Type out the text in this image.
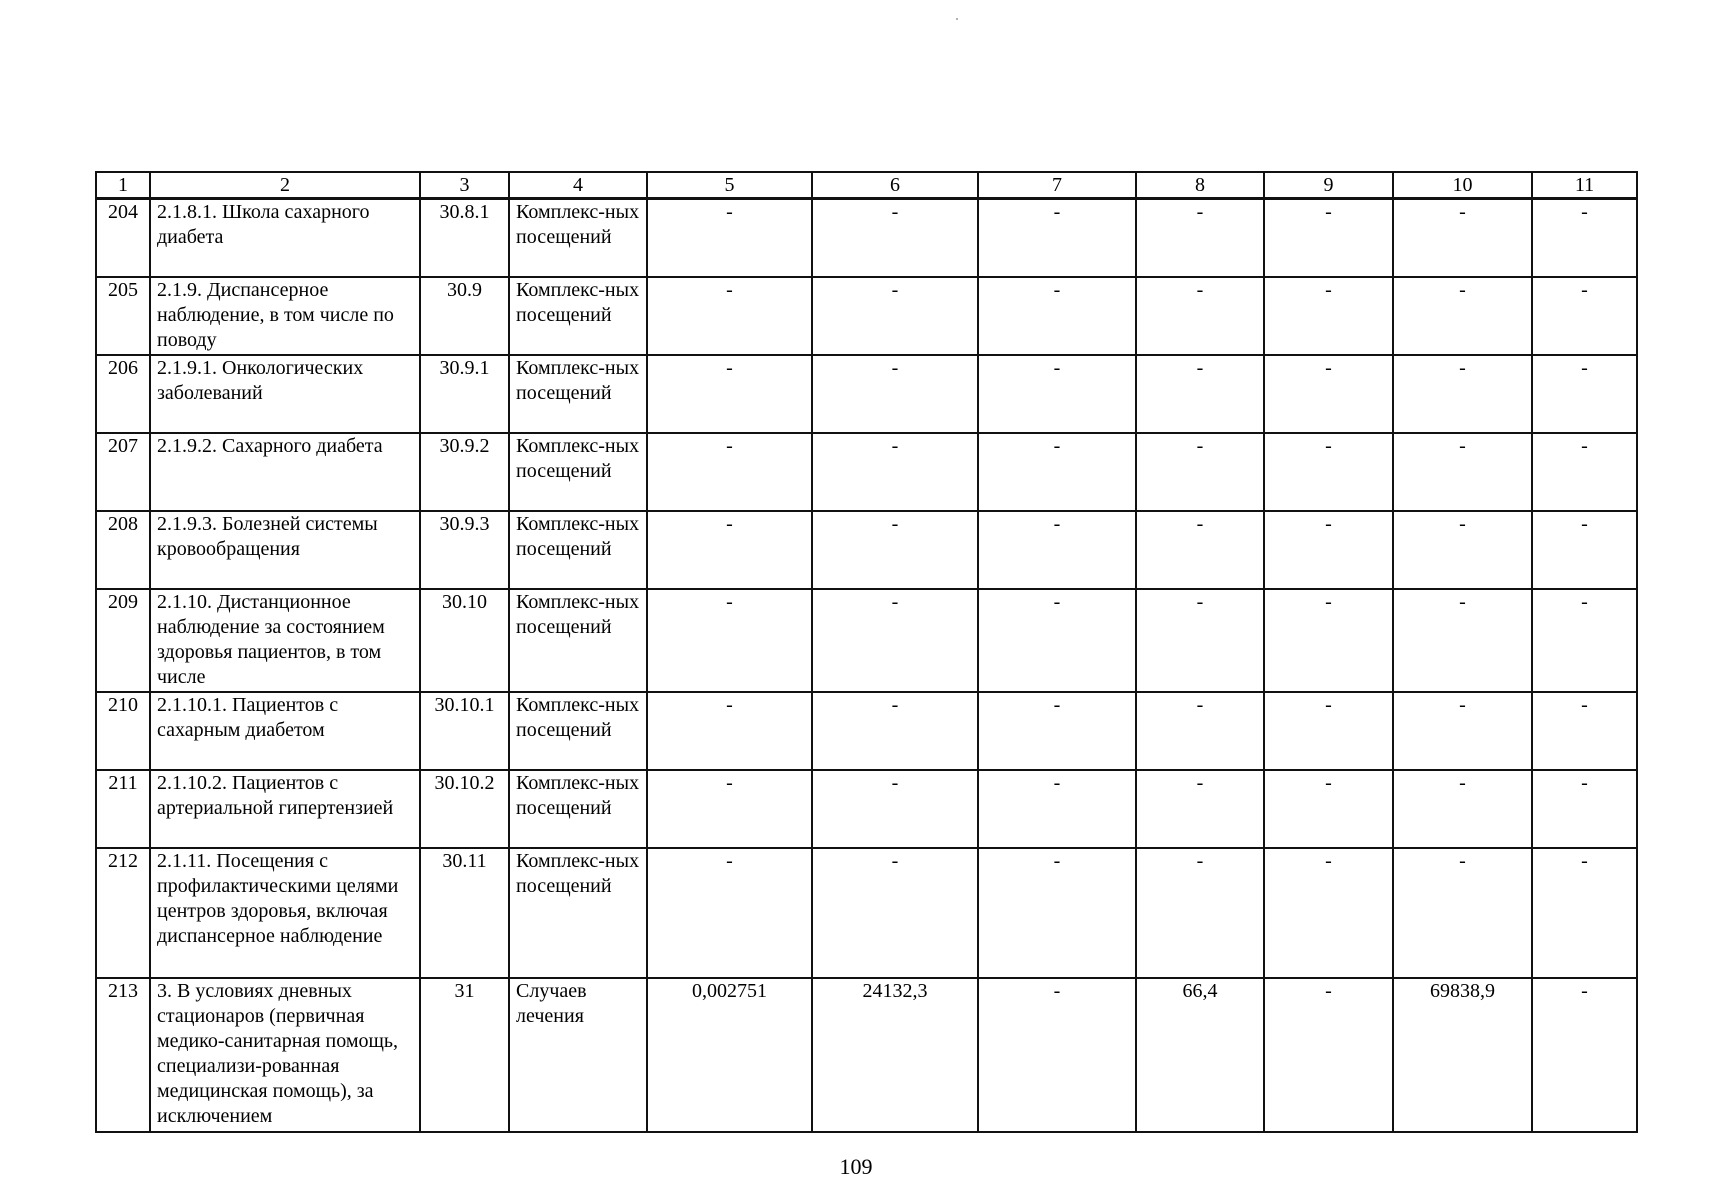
1	2	3	4	5	6	7	8	9	10	11
204	2.1.8.1. Школа сахарного диабета	30.8.1	Комплекс-ных посещений	-	-	-	-	-	-	-
205	2.1.9. Диспансерное наблюдение, в том числе по поводу	30.9	Комплекс-ных посещений	-	-	-	-	-	-	-
206	2.1.9.1. Онкологических заболеваний	30.9.1	Комплекс-ных посещений	-	-	-	-	-	-	-
207	2.1.9.2. Сахарного диабета	30.9.2	Комплекс-ных посещений	-	-	-	-	-	-	-
208	2.1.9.3. Болезней системы кровообращения	30.9.3	Комплекс-ных посещений	-	-	-	-	-	-	-
209	2.1.10. Дистанционное наблюдение за состоянием здоровья пациентов, в том числе	30.10	Комплекс-ных посещений	-	-	-	-	-	-	-
210	2.1.10.1. Пациентов с сахарным диабетом	30.10.1	Комплекс-ных посещений	-	-	-	-	-	-	-
211	2.1.10.2. Пациентов с артериальной гипертензией	30.10.2	Комплекс-ных посещений	-	-	-	-	-	-	-
212	2.1.11. Посещения с профилактическими целями центров здоровья, включая диспансерное наблюдение	30.11	Комплекс-ных посещений	-	-	-	-	-	-	-
213	3. В условиях дневных стационаров (первичная медико-санитарная помощь, специализи-рованная медицинская помощь), за исключением	31	Случаев лечения	0,002751	24132,3	-	66,4	-	69838,9	-
109
